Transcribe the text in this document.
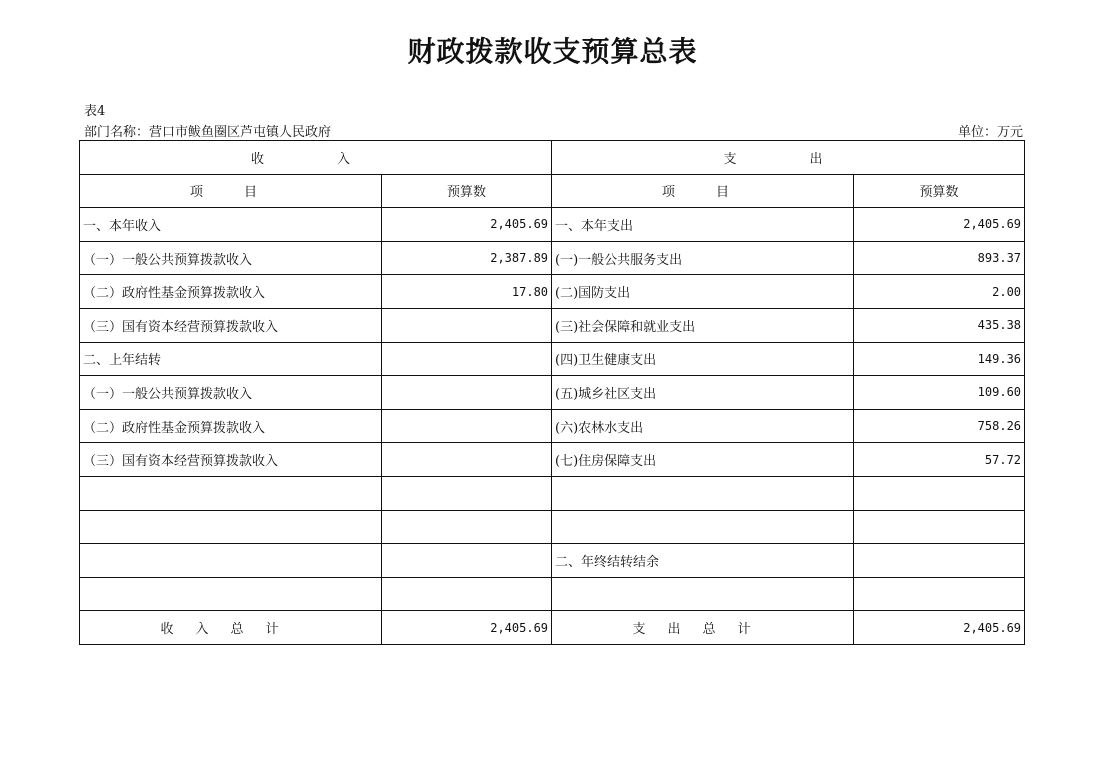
财政拨款收支预算总表
表4
部门名称：营口市鲅鱼圈区芦屯镇人民政府	单位：万元
收　入		支　出	
项　目	预算数	项　目	预算数
一、本年收入	2,405.69	一、本年支出	2,405.69
（一）一般公共预算拨款收入	2,387.89	(一)一般公共服务支出	893.37
（二）政府性基金预算拨款收入	17.80	(二)国防支出	2.00
（三）国有资本经营预算拨款收入		(三)社会保障和就业支出	435.38
二、上年结转		(四)卫生健康支出	149.36
（一）一般公共预算拨款收入		(五)城乡社区支出	109.60
（二）政府性基金预算拨款收入		(六)农林水支出	758.26
（三）国有资本经营预算拨款收入		(七)住房保障支出	57.72

		二、年终结转结余	

收入总计	2,405.69	支出总计	2,405.69
